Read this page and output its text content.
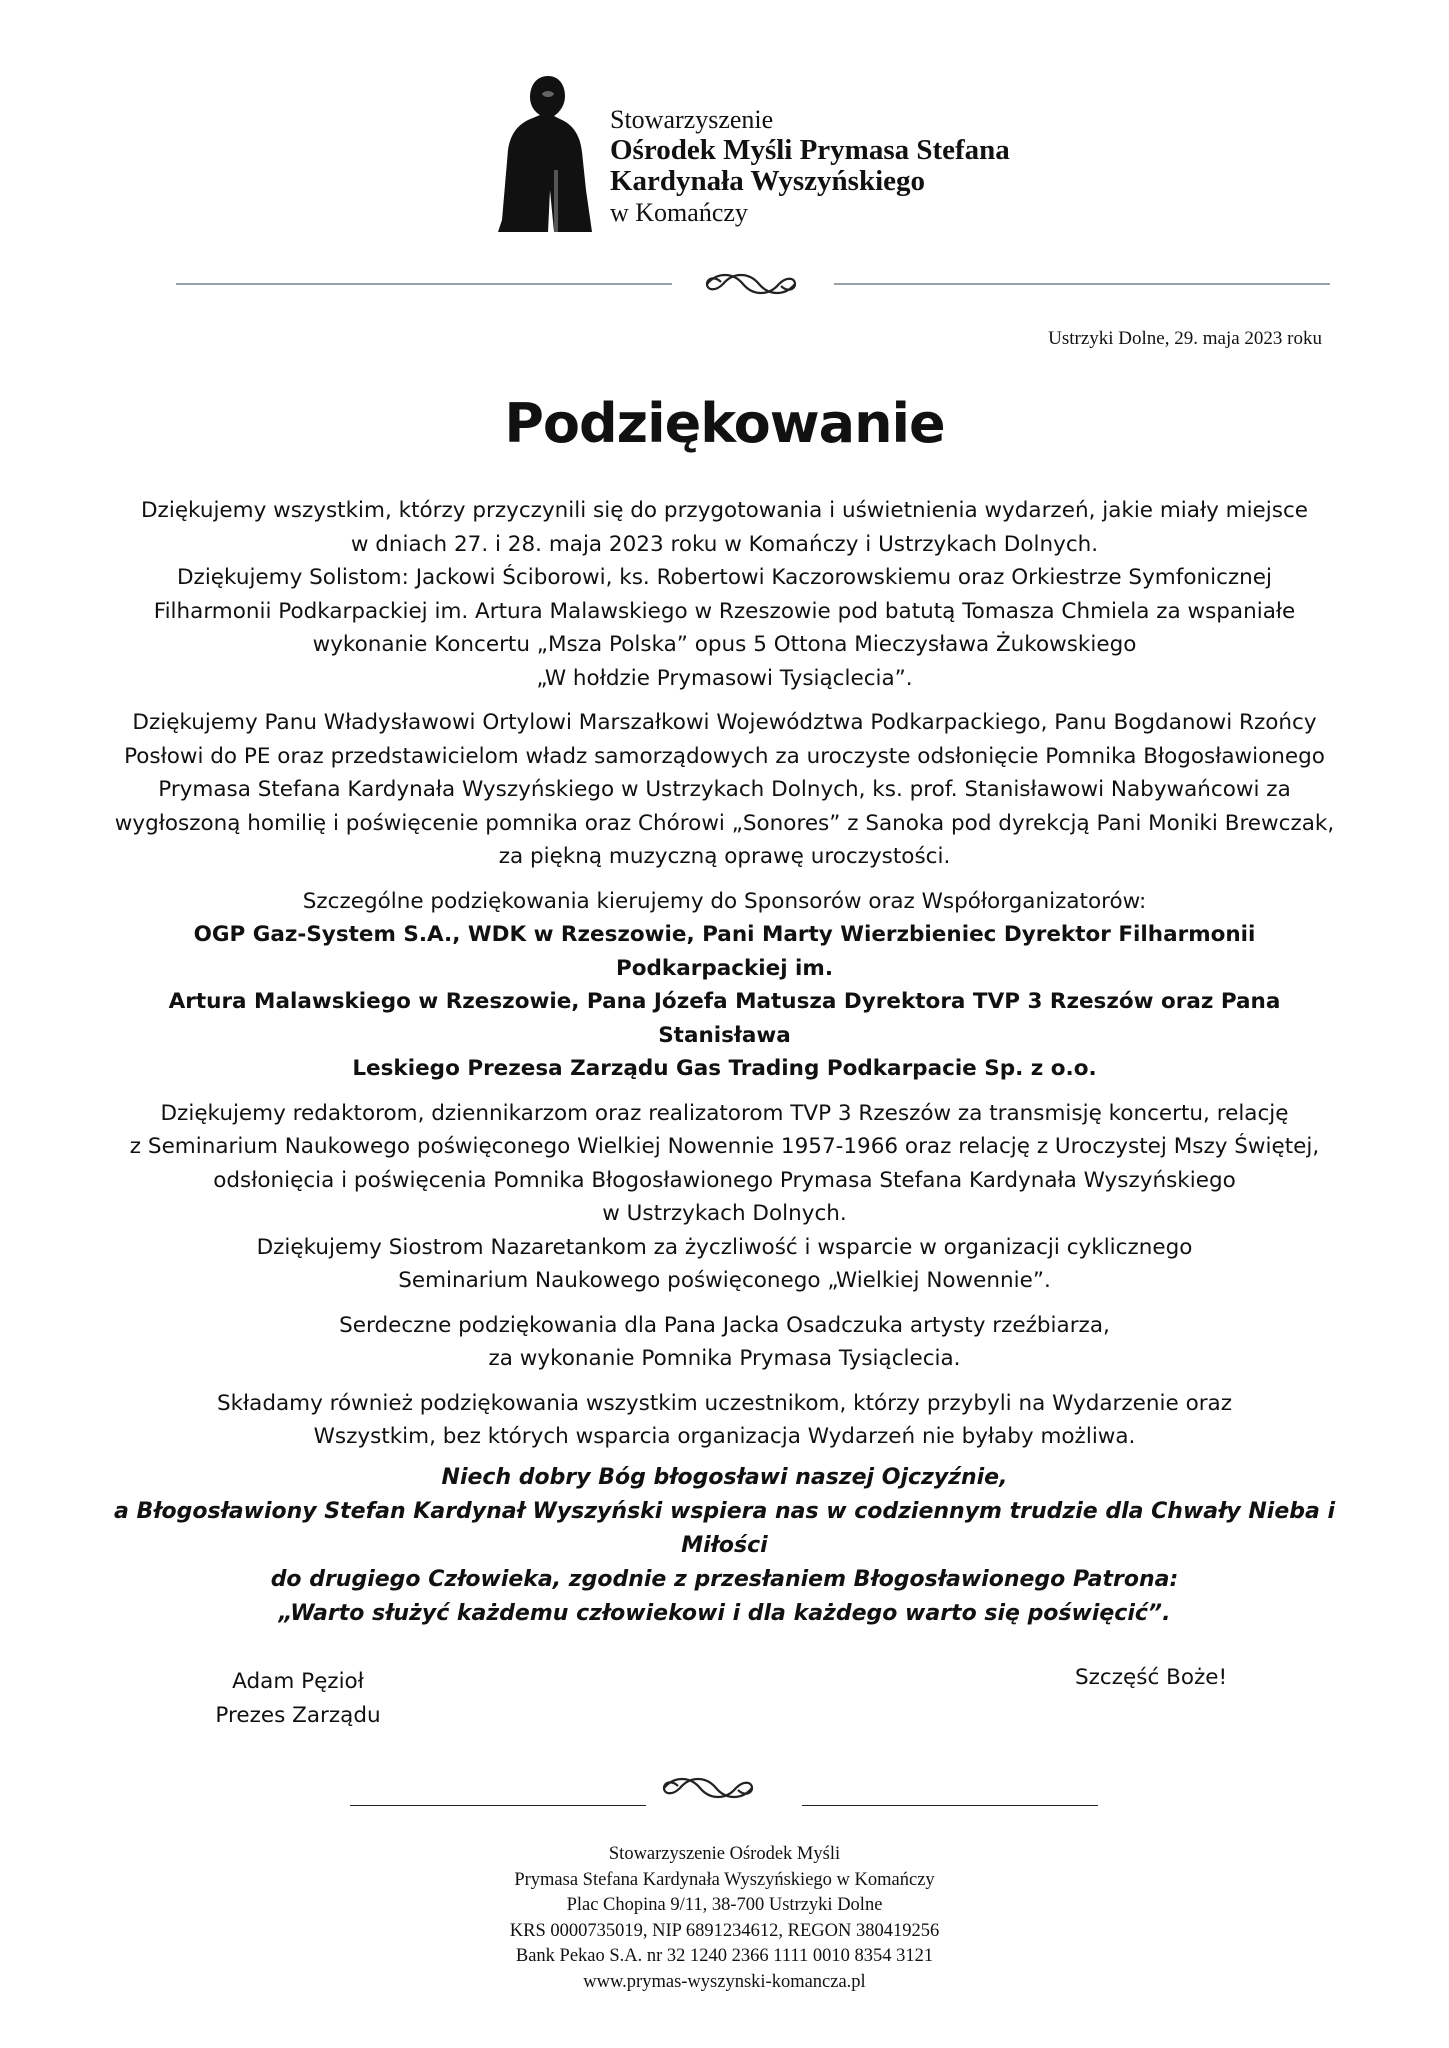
Stowarzyszenie
Ośrodek Myśli Prymasa Stefana
Kardynała Wyszyńskiego
w Komańczy
Ustrzyki Dolne, 29. maja 2023 roku
Podziękowanie

Dziękujemy wszystkim, którzy przyczynili się do przygotowania i uświetnienia wydarzeń, jakie miały miejsce
w dniach 27. i 28. maja 2023 roku w Komańczy i Ustrzykach Dolnych.
Dziękujemy Solistom: Jackowi Ściborowi, ks. Robertowi Kaczorowskiemu oraz Orkiestrze Symfonicznej
Filharmonii Podkarpackiej im. Artura Malawskiego w Rzeszowie pod batutą Tomasza Chmiela za wspaniałe
wykonanie Koncertu „Msza Polska” opus 5 Ottona Mieczysława Żukowskiego
„W hołdzie Prymasowi Tysiąclecia”.

Dziękujemy Panu Władysławowi Ortylowi Marszałkowi Województwa Podkarpackiego, Panu Bogdanowi Rzońcy
Posłowi do PE oraz przedstawicielom władz samorządowych za uroczyste odsłonięcie Pomnika Błogosławionego
Prymasa Stefana Kardynała Wyszyńskiego w Ustrzykach Dolnych, ks. prof. Stanisławowi Nabywańcowi za
wygłoszoną homilię i poświęcenie pomnika oraz Chórowi „Sonores” z Sanoka pod dyrekcją Pani Moniki Brewczak,
za piękną muzyczną oprawę uroczystości.

Szczególne podziękowania kierujemy do Sponsorów oraz Współorganizatorów:
OGP Gaz-System S.A., WDK w Rzeszowie, Pani Marty Wierzbieniec Dyrektor Filharmonii Podkarpackiej im.
Artura Malawskiego w Rzeszowie, Pana Józefa Matusza Dyrektora TVP 3 Rzeszów oraz Pana Stanisława
Leskiego Prezesa Zarządu Gas Trading Podkarpacie Sp. z o.o.

Dziękujemy redaktorom, dziennikarzom oraz realizatorom TVP 3 Rzeszów za transmisję koncertu, relację
z Seminarium Naukowego poświęconego Wielkiej Nowennie 1957-1966 oraz relację z Uroczystej Mszy Świętej,
odsłonięcia i poświęcenia Pomnika Błogosławionego Prymasa Stefana Kardynała Wyszyńskiego
w Ustrzykach Dolnych.
Dziękujemy Siostrom Nazaretankom za życzliwość i wsparcie w organizacji cyklicznego
Seminarium Naukowego poświęconego „Wielkiej Nowennie”.

Serdeczne podziękowania dla Pana Jacka Osadczuka artysty rzeźbiarza,
za wykonanie Pomnika Prymasa Tysiąclecia.

Składamy również podziękowania wszystkim uczestnikom, którzy przybyli na Wydarzenie oraz
Wszystkim, bez których wsparcia organizacja Wydarzeń nie byłaby możliwa.

Niech dobry Bóg błogosławi naszej Ojczyźnie,
a Błogosławiony Stefan Kardynał Wyszyński wspiera nas w codziennym trudzie dla Chwały Nieba i Miłości
do drugiego Człowieka, zgodnie z przesłaniem Błogosławionego Patrona:
„Warto służyć każdemu człowiekowi i dla każdego warto się poświęcić”.
Adam Pęzioł
Prezes Zarządu
Szczęść Boże!
Stowarzyszenie Ośrodek Myśli
Prymasa Stefana Kardynała Wyszyńskiego w Komańczy
Plac Chopina 9/11, 38-700 Ustrzyki Dolne
KRS 0000735019, NIP 6891234612, REGON 380419256
Bank Pekao S.A. nr 32 1240 2366 1111 0010 8354 3121
www.prymas-wyszynski-komancza.pl
